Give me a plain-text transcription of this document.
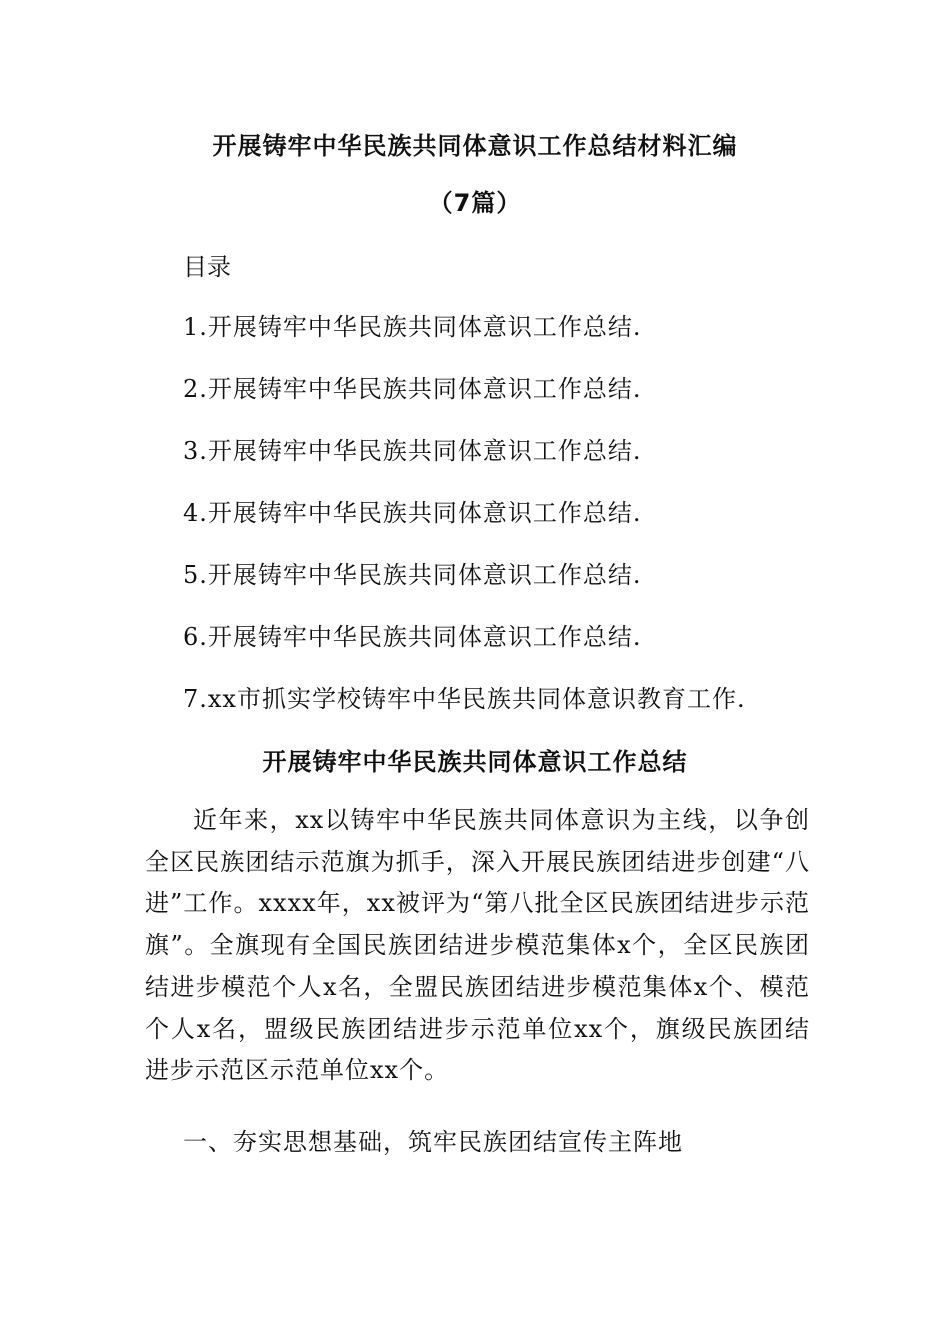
开展铸牢中华民族共同体意识工作总结材料汇编
（7篇）
目录
1.开展铸牢中华民族共同体意识工作总结.
2.开展铸牢中华民族共同体意识工作总结.
3.开展铸牢中华民族共同体意识工作总结.
4.开展铸牢中华民族共同体意识工作总结.
5.开展铸牢中华民族共同体意识工作总结.
6.开展铸牢中华民族共同体意识工作总结.
7.xx市抓实学校铸牢中华民族共同体意识教育工作.
开展铸牢中华民族共同体意识工作总结

近年来，xx以铸牢中华民族共同体意识为主线，以争创全区民族团结示范旗为抓手，深入开展民族团结进步创建“八进”工作。xxxx年，xx被评为“第八批全区民族团结进步示范旗”。全旗现有全国民族团结进步模范集体x个，全区民族团结进步模范个人x名，全盟民族团结进步模范集体x个、模范个人x名，盟级民族团结进步示范单位xx个，旗级民族团结进步示范区示范单位xx个。

一、夯实思想基础，筑牢民族团结宣传主阵地
